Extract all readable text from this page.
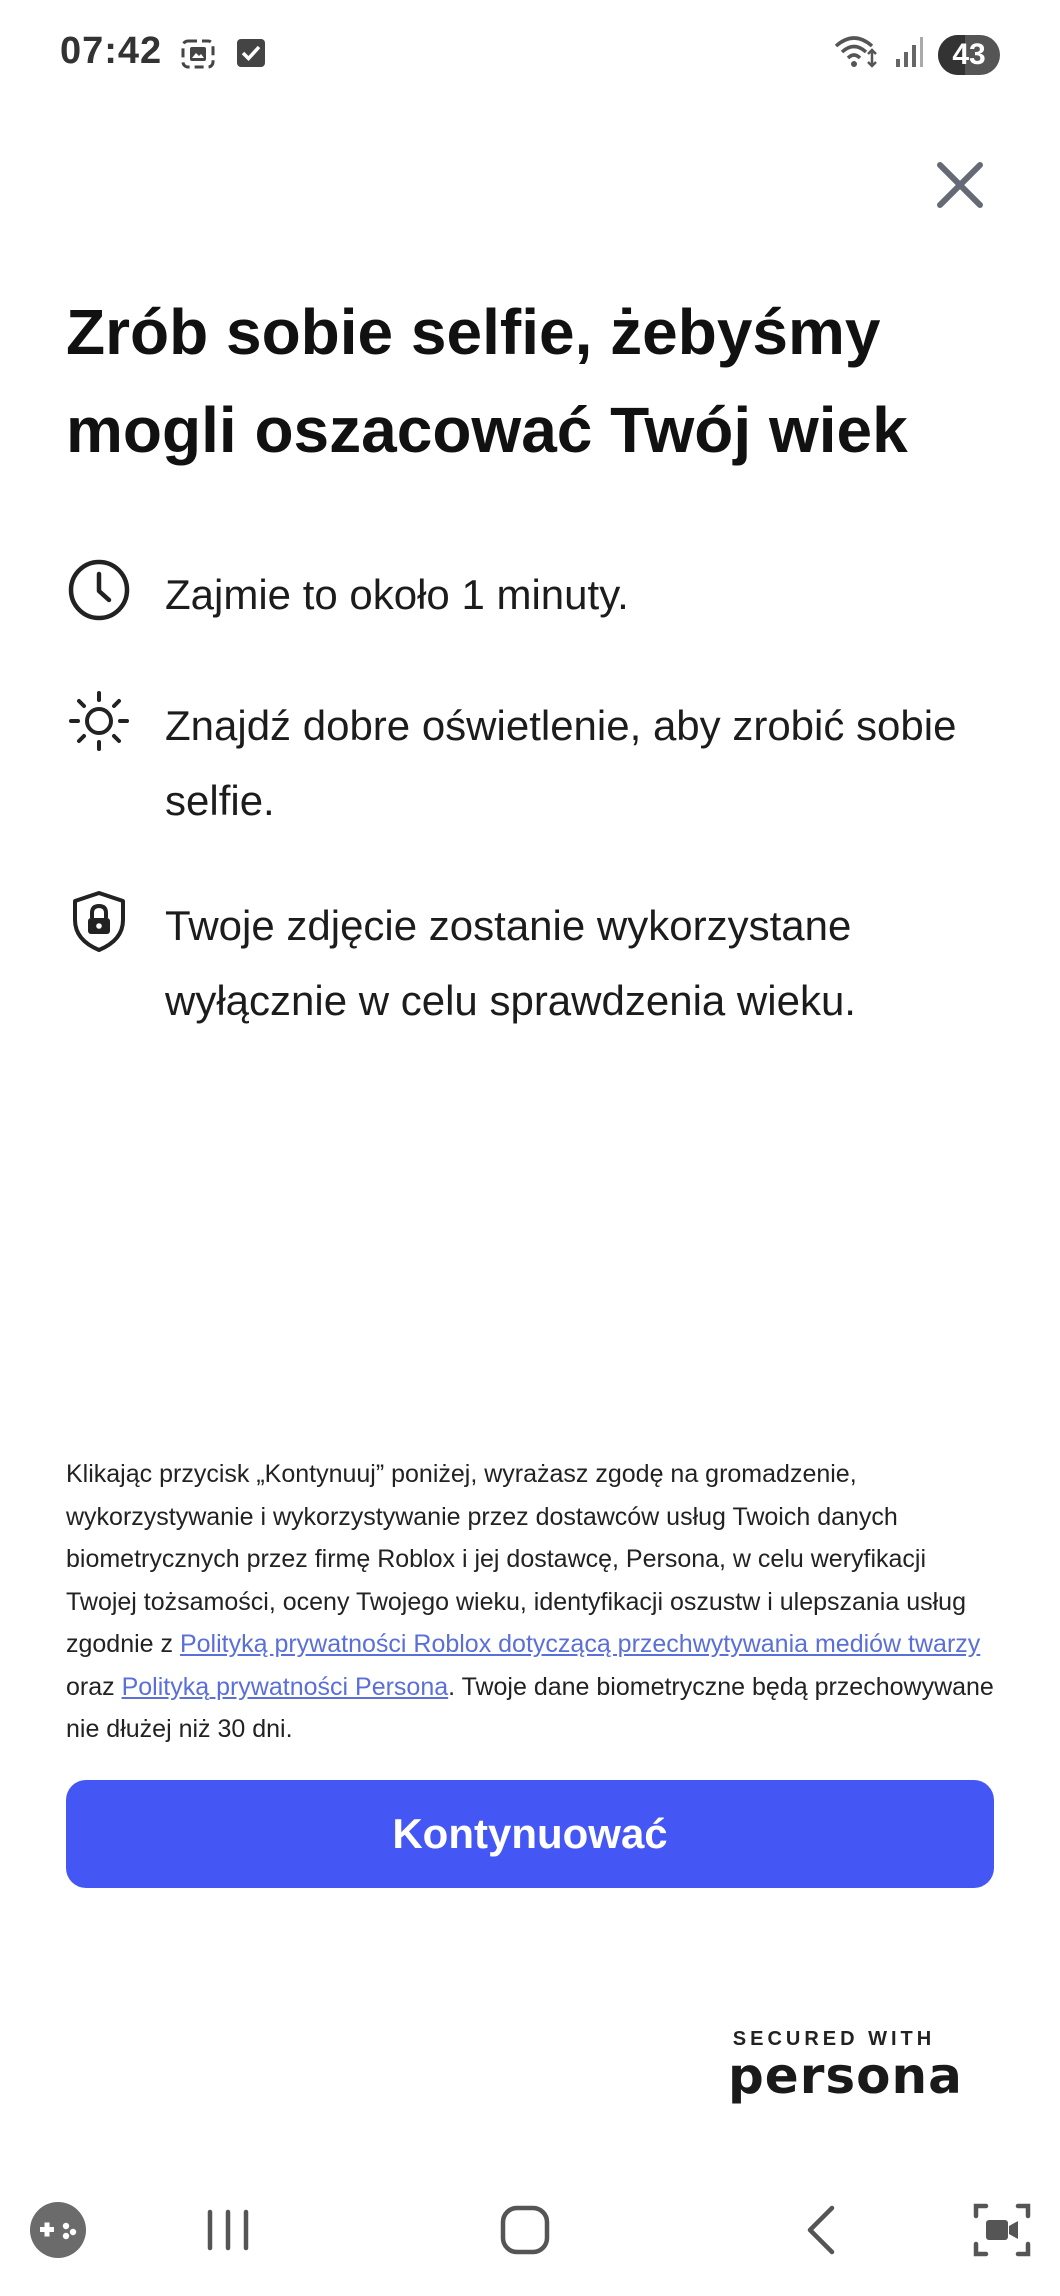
07:42	43
Zrób sobie selfie, żebyśmy mogli oszacować Twój wiek
Zajmie to około 1 minuty.
Znajdź dobre oświetlenie, aby zrobić sobie selfie.
Twoje zdjęcie zostanie wykorzystane wyłącznie w celu sprawdzenia wieku.
Klikając przycisk „Kontynuuj” poniżej, wyrażasz zgodę na gromadzenie, wykorzystywanie i wykorzystywanie przez dostawców usług Twoich danych biometrycznych przez firmę Roblox i jej dostawcę, Persona, w celu weryfikacji Twojej tożsamości, oceny Twojego wieku, identyfikacji oszustw i ulepszania usług zgodnie z Polityką prywatności Roblox dotyczącą przechwytywania mediów twarzy oraz Polityką prywatności Persona. Twoje dane biometryczne będą przechowywane nie dłużej niż 30 dni.
Kontynuować
SECURED WITH
persona
